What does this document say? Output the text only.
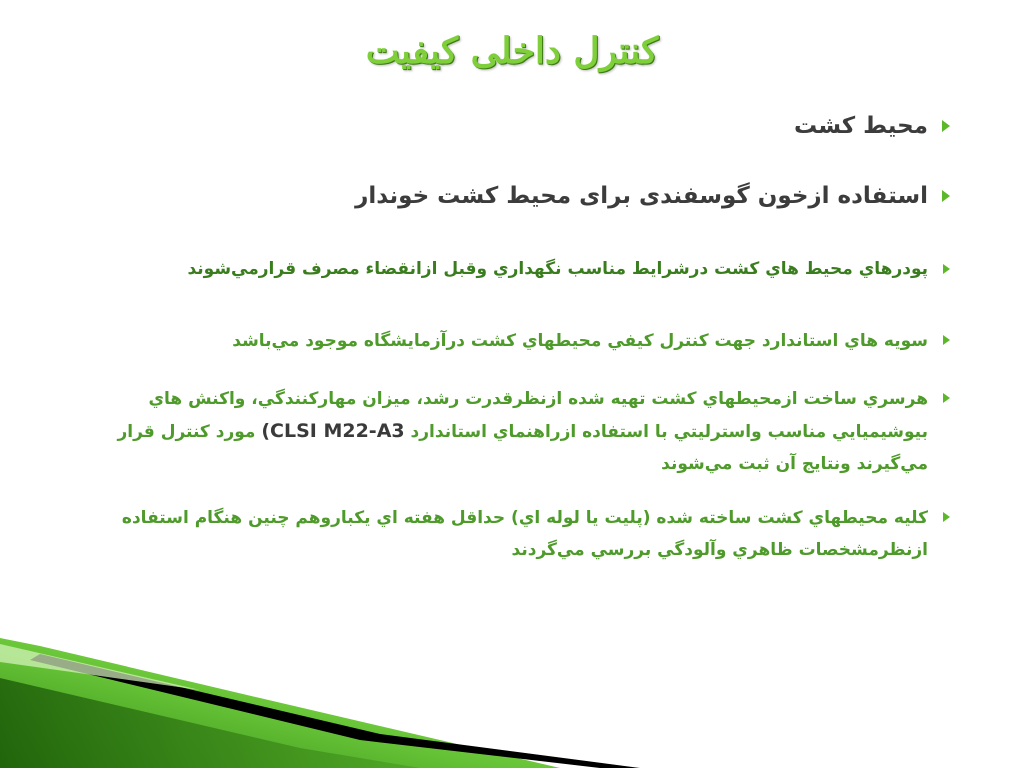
کنترل داخلی کیفیت

محیط کشت

استفاده ازخون گوسفندی برای محیط کشت خوندار

پودرهاي محيط هاي كشت درشرايط مناسب نگهداري وقبل ازانقضاء مصرف قرارمي‌شوند

سويه هاي استاندارد جهت كنترل كيفي محيطهاي كشت درآزمايشگاه موجود مي‌باشد

هرسري ساخت ازمحيطهاي كشت تهيه شده ازنظرقدرت رشد، ميزان مهاركنندگي، واكنش هاي بيوشيميايي مناسب واسترليتي با استفاده ازراهنماي استاندارد (CLSI M22-A3 مورد كنترل قرار مي‌گيرند ونتايج آن ثبت مي‌شوند

كليه محيطهاي كشت ساخته شده (پليت يا لوله اي) حداقل هفته اي يكباروهم چنين هنگام استفاده ازنظرمشخصات ظاهري وآلودگي بررسي مي‌گردند
